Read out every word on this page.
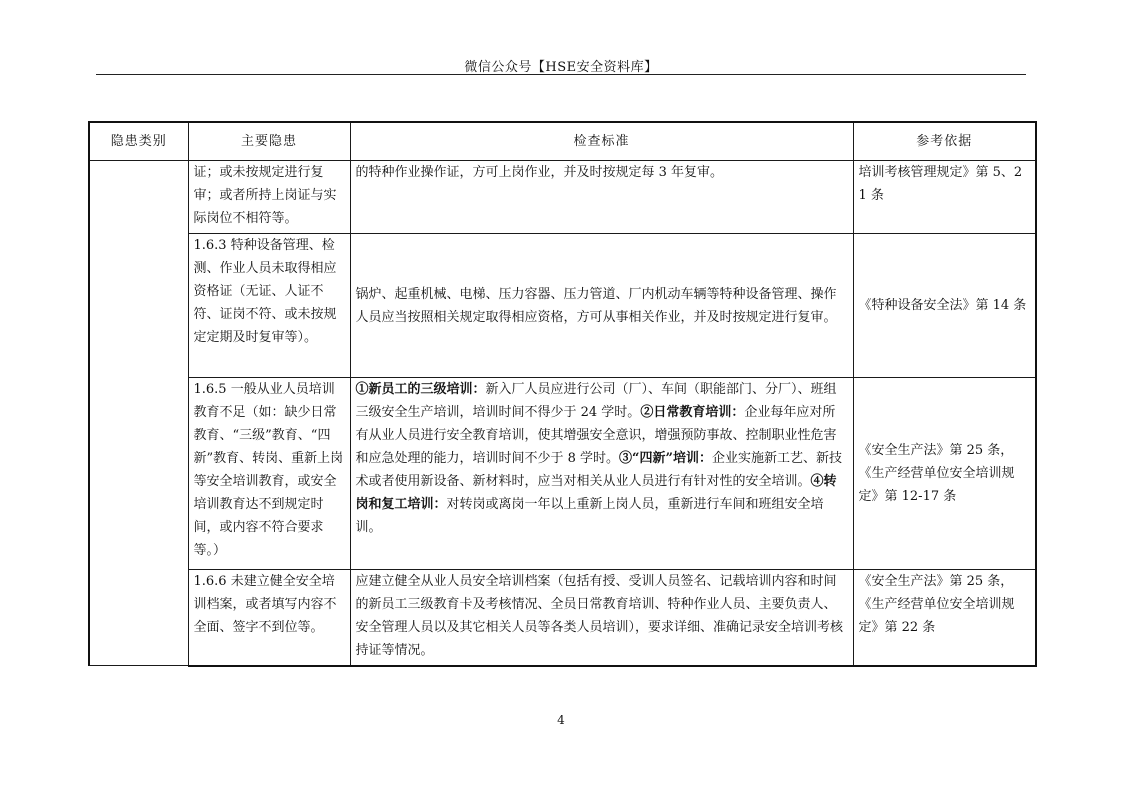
微信公众号【HSE安全资料库】
隐患类别	主要隐患	检查标准	参考依据
	证；或未按规定进行复审；或者所持上岗证与实际岗位不相符等。	的特种作业操作证，方可上岗作业，并及时按规定每 3 年复审。	培训考核管理规定》第 5、21 条
	1.6.3 特种设备管理、检测、作业人员未取得相应资格证（无证、人证不符、证岗不符、或未按规定定期及时复审等）。	锅炉、起重机械、电梯、压力容器、压力管道、厂内机动车辆等特种设备管理、操作人员应当按照相关规定取得相应资格，方可从事相关作业，并及时按规定进行复审。	《特种设备安全法》第 14 条
	1.6.5 一般从业人员培训教育不足（如：缺少日常教育、“三级”教育、“四新”教育、转岗、重新上岗等安全培训教育，或安全培训教育达不到规定时间，或内容不符合要求等。）	①新员工的三级培训：新入厂人员应进行公司（厂）、车间（职能部门、分厂）、班组三级安全生产培训，培训时间不得少于 24 学时。②日常教育培训：企业每年应对所有从业人员进行安全教育培训，使其增强安全意识，增强预防事故、控制职业性危害和应急处理的能力，培训时间不少于 8 学时。③“四新”培训：企业实施新工艺、新技术或者使用新设备、新材料时，应当对相关从业人员进行有针对性的安全培训。④转岗和复工培训：对转岗或离岗一年以上重新上岗人员，重新进行车间和班组安全培训。	《安全生产法》第 25 条，《生产经营单位安全培训规定》第 12-17 条
	1.6.6 未建立健全安全培训档案，或者填写内容不全面、签字不到位等。	应建立健全从业人员安全培训档案（包括有授、受训人员签名、记载培训内容和时间的新员工三级教育卡及考核情况、全员日常教育培训、特种作业人员、主要负责人、安全管理人员以及其它相关人员等各类人员培训），要求详细、准确记录安全培训考核持证等情况。	《安全生产法》第 25 条，《生产经营单位安全培训规定》第 22 条
4
